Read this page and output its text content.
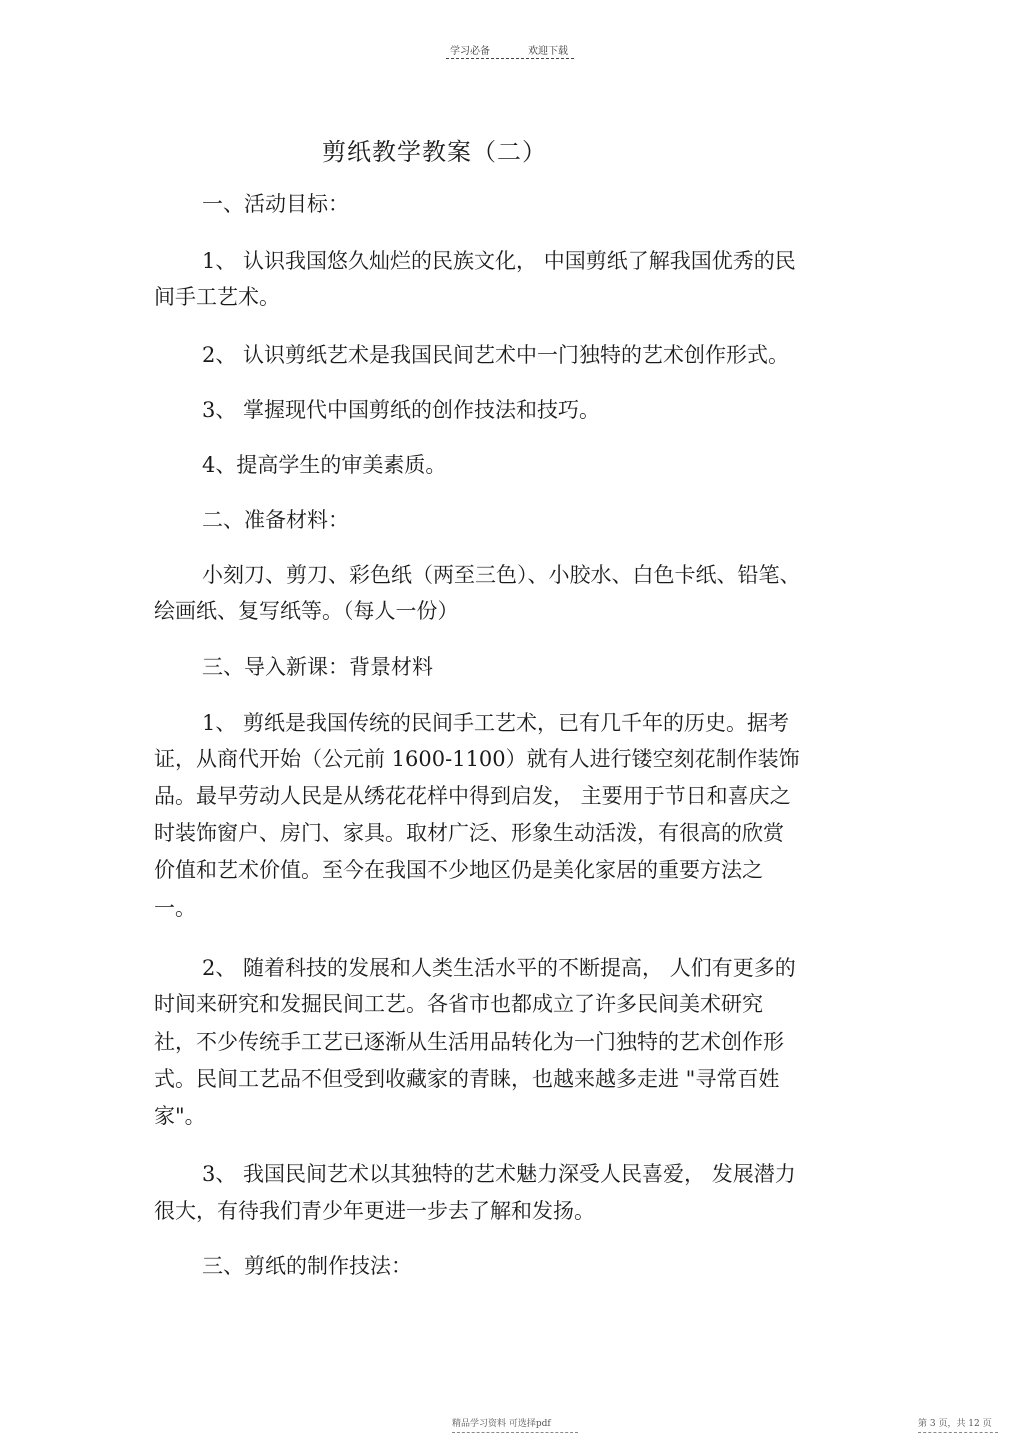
学习必备	欢迎下载
剪纸教学教案（二）
一、活动目标：
1、 认识我国悠久灿烂的民族文化， 中国剪纸了解我国优秀的民
间手工艺术。
2、 认识剪纸艺术是我国民间艺术中一门独特的艺术创作形式。
3、 掌握现代中国剪纸的创作技法和技巧。
4、提高学生的审美素质。
二、准备材料：
小刻刀、剪刀、彩色纸（两至三色）、小胶水、白色卡纸、铅笔、
绘画纸、复写纸等。（每人一份）
三、导入新课：背景材料
1、 剪纸是我国传统的民间手工艺术，已有几千年的历史。据考
证，从商代开始（公元前 1600-1100）就有人进行镂空刻花制作装饰
品。最早劳动人民是从绣花花样中得到启发， 主要用于节日和喜庆之
时装饰窗户、房门、家具。取材广泛、形象生动活泼，有很高的欣赏
价值和艺术价值。至今在我国不少地区仍是美化家居的重要方法之
一。
2、 随着科技的发展和人类生活水平的不断提高， 人们有更多的
时间来研究和发掘民间工艺。各省市也都成立了许多民间美术研究
社，不少传统手工艺已逐渐从生活用品转化为一门独特的艺术创作形
式。民间工艺品不但受到收藏家的青睐，也越来越多走进 "寻常百姓
家"。
3、 我国民间艺术以其独特的艺术魅力深受人民喜爱， 发展潜力
很大，有待我们青少年更进一步去了解和发扬。
三、剪纸的制作技法：
精品学习资料 可选择pdf	第 3 页，共 12 页
